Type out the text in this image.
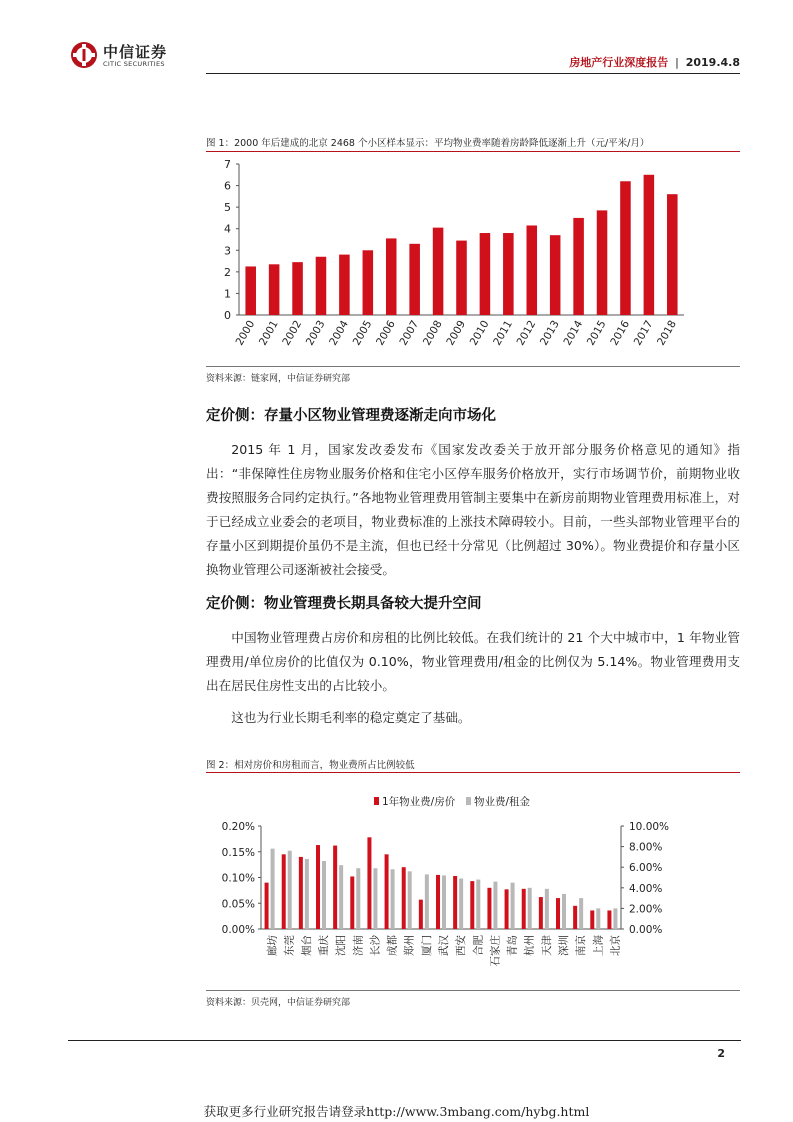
中信证券
CITIC SECURITIES	房地产行业深度报告 | 2019.4.8
图 1：2000 年后建成的北京 2468 个小区样本显示：平均物业费率随着房龄降低逐渐上升（元/平米/月）
0
1
2
3
4
5
6
7
2000 2001 2002 2003 2004 2005 2006 2007 2008 2009 2010 2011 2012 2013 2014 2015 2016 2017 2018
资料来源：链家网，中信证券研究部
定价侧：存量小区物业管理费逐渐走向市场化

2015 年 1 月，国家发改委发布《国家发改委关于放开部分服务价格意见的通知》指出：“非保障性住房物业服务价格和住宅小区停车服务价格放开，实行市场调节价，前期物业收费按照服务合同约定执行。”各地物业管理费用管制主要集中在新房前期物业管理费用标准上，对于已经成立业委会的老项目，物业费标准的上涨技术障碍较小。目前，一些头部物业管理平台的存量小区到期提价虽仍不是主流，但也已经十分常见（比例超过 30%）。物业费提价和存量小区换物业管理公司逐渐被社会接受。

定价侧：物业管理费长期具备较大提升空间

中国物业管理费占房价和房租的比例比较低。在我们统计的 21 个大中城市中，1 年物业管理费用/单位房价的比值仅为 0.10%，物业管理费用/租金的比例仅为 5.14%。物业管理费用支出在居民住房性支出的占比较小。

这也为行业长期毛利率的稳定奠定了基础。

图 2：相对房价和房租而言，物业费所占比例较低
1年物业费/房价 物业费/租金
0.00%
0.05%
0.10%
0.15%
0.20%
0.00%
2.00%
4.00%
6.00%
8.00%
10.00%
廊坊 东莞 烟台 重庆 沈阳 济南 长沙 成都 郑州 厦门 武汉 西安 合肥 石家庄 青岛 杭州 天津 深圳 南京 上海 北京
资料来源：贝壳网，中信证券研究部
2
获取更多行业研究报告请登录http://www.3mbang.com/hybg.html
